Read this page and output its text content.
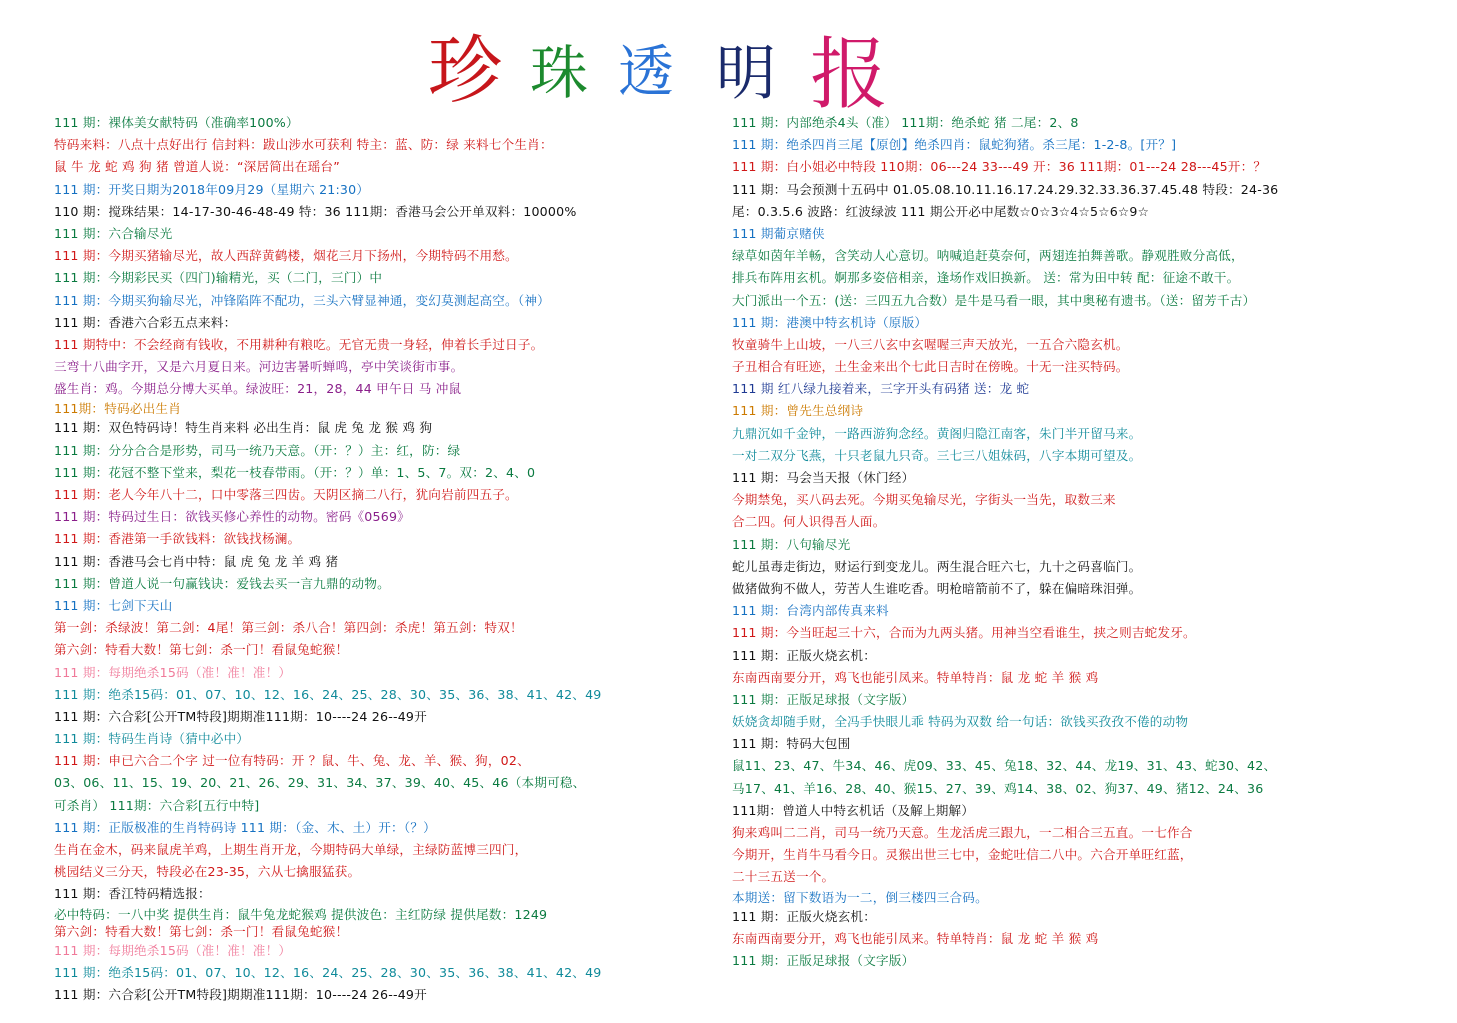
珍 珠 透 明 报
111 期：裸体美女献特码（准确率100%）
特码来料：八点十点好出行 信封料：跋山涉水可获利 特主：蓝、防：绿 来料七个生肖：
鼠 牛 龙 蛇 鸡 狗 猪 曾道人说：“深居简出在瑶台”
111 期：开奖日期为2018年09月29（星期六 21:30）
110 期：搅珠结果：14-17-30-46-48-49 特：36 111期：香港马会公开单双料：10000%
111 期：六合输尽光
111 期：今期买猪输尽光，故人西辞黄鹤楼，烟花三月下扬州，今期特码不用愁。
111 期：今期彩民买（四门)输精光，买（二门，三门）中
111 期：今期买狗输尽光，冲锋陷阵不配功，三头六臂显神通，变幻莫测起高空。（神）
111 期：香港六合彩五点来料：
111 期特中：不会经商有钱收，不用耕种有粮吃。无官无贵一身轻，伸着长手过日子。
三弯十八曲字开，又是六月夏日来。河边害暑听蝉鸣，亭中笑谈街市事。
盛生肖：鸡。今期总分博大买单。绿波旺：21，28，44 甲午日 马 冲鼠
111期：特码必出生肖
111 期：双色特码诗！特生肖来料 必出生肖：鼠 虎 兔 龙 猴 鸡 狗
111 期：分分合合是形势，司马一统乃天意。（开：？）主：红，防：绿
111 期：花冠不整下堂来，梨花一枝春带雨。（开：？）单：1、5、7。双：2、4、0
111 期：老人今年八十二，口中零落三四齿。天阴区摘二八行，犹向岩前四五子。
111 期：特码过生日：欲钱买修心养性的动物。密码《0569》
111 期：香港第一手欲钱料：欲钱找杨澜。
111 期：香港马会七肖中特：鼠 虎 兔 龙 羊 鸡 猪
111 期：曾道人说一句赢钱诀：爱钱去买一言九鼎的动物。
111 期：七剑下天山
第一剑：杀绿波！第二剑：4尾！第三剑：杀八合！第四剑：杀虎！第五剑：特双！
第六剑：特看大数！第七剑：杀一门！看鼠兔蛇猴！
111 期：每期绝杀15码（准！准！准！）
111 期：绝杀15码：01、07、10、12、16、24、25、28、30、35、36、38、41、42、49
111 期：六合彩[公开TM特段]期期准111期：10----24 26--49开
111 期：特码生肖诗（猜中必中）
111 期：申已六合二个字 过一位有特码：开 ？鼠、牛、兔、龙、羊、猴、狗，02、
03、06、11、15、19、20、21、26、29、31、34、37、39、40、45、46（本期可稳、
可杀肖） 111期：六合彩[五行中特]
111 期：正版极准的生肖特码诗 111 期：（金、木、土）开：（？）
生肖在金木，码来鼠虎羊鸡，上期生肖开龙，今期特码大单绿，主绿防蓝博三四门，
桃园结义三分天，特段必在23-35，六从七擒服猛获。
111 期：香江特码精选报：
必中特码：一八中奖 提供生肖：鼠牛兔龙蛇猴鸡 提供波色：主红防绿 提供尾数：1249
第六剑：特看大数！第七剑：杀一门！看鼠兔蛇猴！
111 期：每期绝杀15码（准！准！准！）
111 期：绝杀15码：01、07、10、12、16、24、25、28、30、35、36、38、41、42、49
111 期：六合彩[公开TM特段]期期准111期：10----24 26--49开
111 期：内部绝杀4头（准） 111期：绝杀蛇 猪 二尾：2、8
111 期：绝杀四肖三尾【原创】绝杀四肖：鼠蛇狗猪。杀三尾：1-2-8。[开？]
111 期：白小姐必中特段 110期：06---24 33---49 开：36 111期：01---24 28---45开：？
111 期：马会预测十五码中 01.05.08.10.11.16.17.24.29.32.33.36.37.45.48 特段：24-36
尾：0.3.5.6 波路：红波绿波 111 期公开必中尾数☆0☆3☆4☆5☆6☆9☆
111 期葡京赌侠
绿草如茵年羊畅，含笑动人心意切。呐喊追赶莫奈何，两翅连拍舞善歌。静观胜败分高低，
排兵布阵用玄机。婀那多姿倍相亲，逢场作戏旧换新。 送：常为田中转 配：征途不敢干。
大门派出一个五：(送：三四五九合数）是牛是马看一眼，其中奥秘有遗书。（送：留芳千古）
111 期：港澳中特玄机诗（原版）
牧童骑牛上山坡，一八三八玄中玄喔喔三声天放光，一五合六隐玄机。
子丑相合有旺迹，土生金来出个七此日吉时在傍晚。十无一注买特码。
111 期 红八绿九接着来，三字开头有码猪 送：龙 蛇
111 期：曾先生总纲诗
九鼎沉如千金钟，一路西游狗念经。黄阁归隐江南客，朱门半开留马来。
一对二双分飞燕，十只老鼠九只奇。三七三八姐妹码，八字本期可望及。
111 期：马会当天报（休门经）
今期禁兔，买八码去死。今期买兔输尽光，字街头一当先，取数三来
合二四。何人识得吾人面。
111 期：八句输尽光
蛇儿虽毒走街边，财运行到变龙儿。两生混合旺六七，九十之码喜临门。
做猪做狗不做人，劳苦人生谁吃香。明枪暗箭前不了，躲在偏暗珠泪弹。
111 期：台湾内部传真来料
111 期：今当旺起三十六，合而为九两头猪。用神当空看谁生，挟之则吉蛇发牙。
111 期：正版火烧玄机：
东南西南要分开，鸡飞也能引凤来。特单特肖：鼠 龙 蛇 羊 猴 鸡
111 期：正版足球报（文字版）
妖娆贪却随手财，全冯手快眼儿乖 特码为双数 给一句话：欲钱买孜孜不倦的动物
111 期：特码大包围
鼠11、23、47、牛34、46、虎09、33、45、兔18、32、44、龙19、31、43、蛇30、42、
马17、41、羊16、28、40、猴15、27、39、鸡14、38、02、狗37、49、猪12、24、36
111期：曾道人中特玄机话（及解上期解）
狗来鸡叫二二肖，司马一统乃天意。生龙活虎三跟九，一二相合三五直。一七作合
今期开，生肖牛马看今日。灵猴出世三七中，金蛇吐信二八中。六合开单旺红蓝，
二十三五送一个。
本期送：留下数语为一二，倒三楼四三合码。
111 期：正版火烧玄机：
东南西南要分开，鸡飞也能引凤来。特单特肖：鼠 龙 蛇 羊 猴 鸡
111 期：正版足球报（文字版）
